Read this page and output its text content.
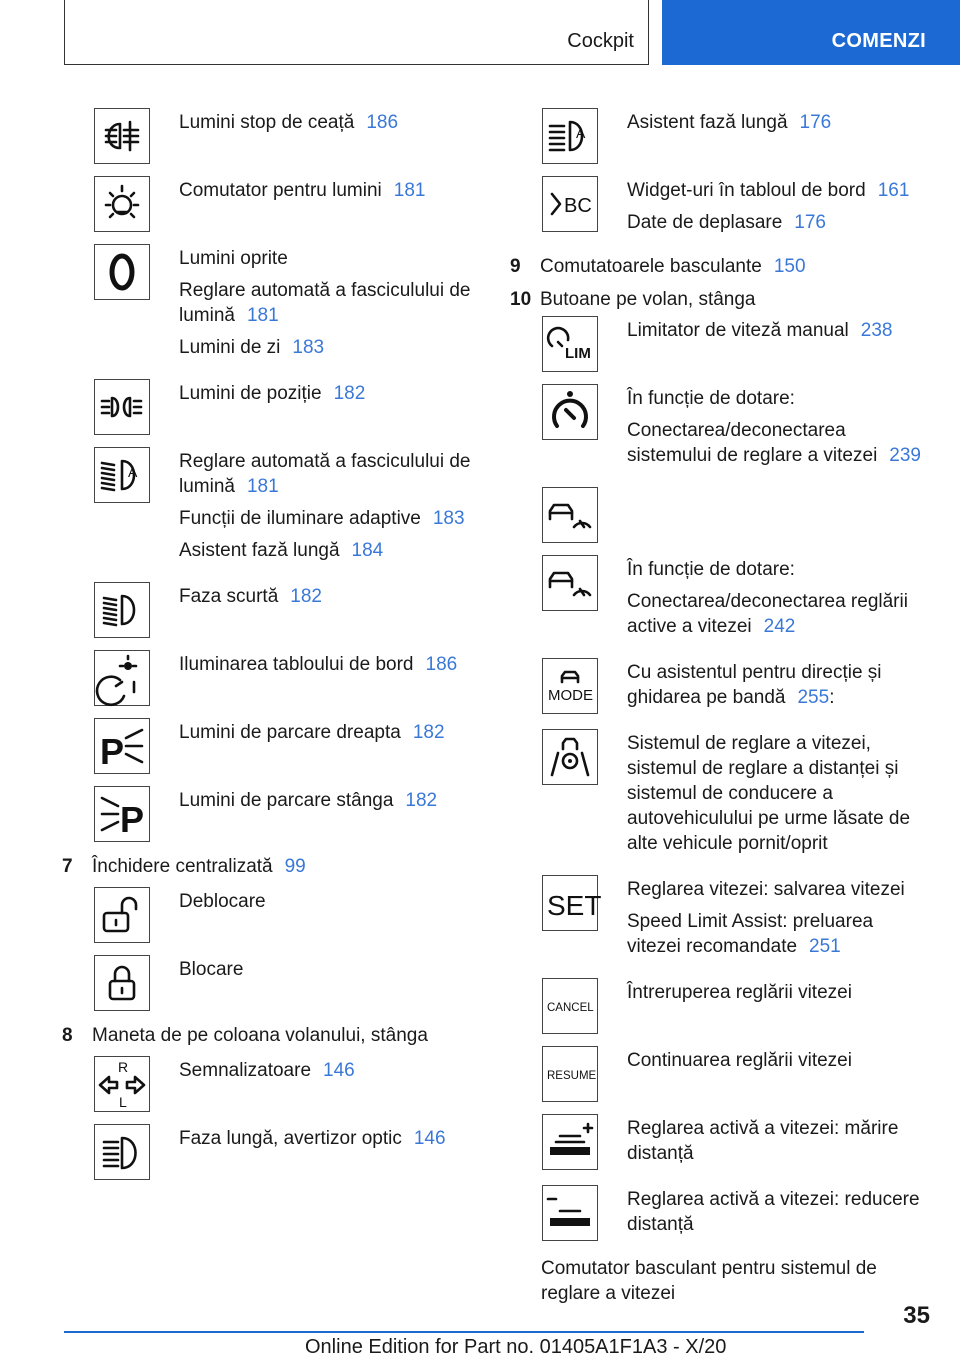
Cockpit	COMENZI
Lumini stop de ceață 186
Comutator pentru lumini 181
Lumini oprite
Reglare automată a fasciculului de lumină 181
Lumini de zi 183
Lumini de poziție 182
A Reglare automată a fasciculului de lumină 181
Funcții de iluminare adaptive 183
Asistent fază lungă 184
Faza scurtă 182
Iluminarea tabloului de bord 186
P	Lumini de parcare dreapta 182
P Lumini de parcare stânga 182
7	Închidere centralizată 99
Deblocare
Blocare
8	Maneta de pe coloana volanului, stânga
R
L
Semnalizatoare 146
Faza lungă, avertizor optic 146
A Asistent fază lungă 176
BC
Widget-uri în tabloul de bord 161
Date de deplasare 176
9	Comutatoarele basculante 150
10 Butoane pe volan, stânga
LIM
Limitator de viteză manual 238
În funcție de dotare:
Conectarea/deconectarea sistemului de reglare a vitezei 239
În funcție de dotare:
Conectarea/deconectarea reglării active a vitezei 242
MODE
Cu asistentul pentru direcție și ghidarea pe bandă 255:
Sistemul de reglare a vitezei, sistemul de reglare a distanței și sistemul de conducere a autovehiculului pe urme lăsate de alte vehicule pornit/oprit
SET
Reglarea vitezei: salvarea vitezei
Speed Limit Assist: preluarea vitezei recomandate 251
CANCEL
Întreruperea reglării vitezei
RESUME
Continuarea reglării vitezei
Reglarea activă a vitezei: mărire distanță
Reglarea activă a vitezei: reducere distanță
Comutator basculant pentru sistemul de reglare a vitezei
35
Online Edition for Part no. 01405A1F1A3 - X/20
